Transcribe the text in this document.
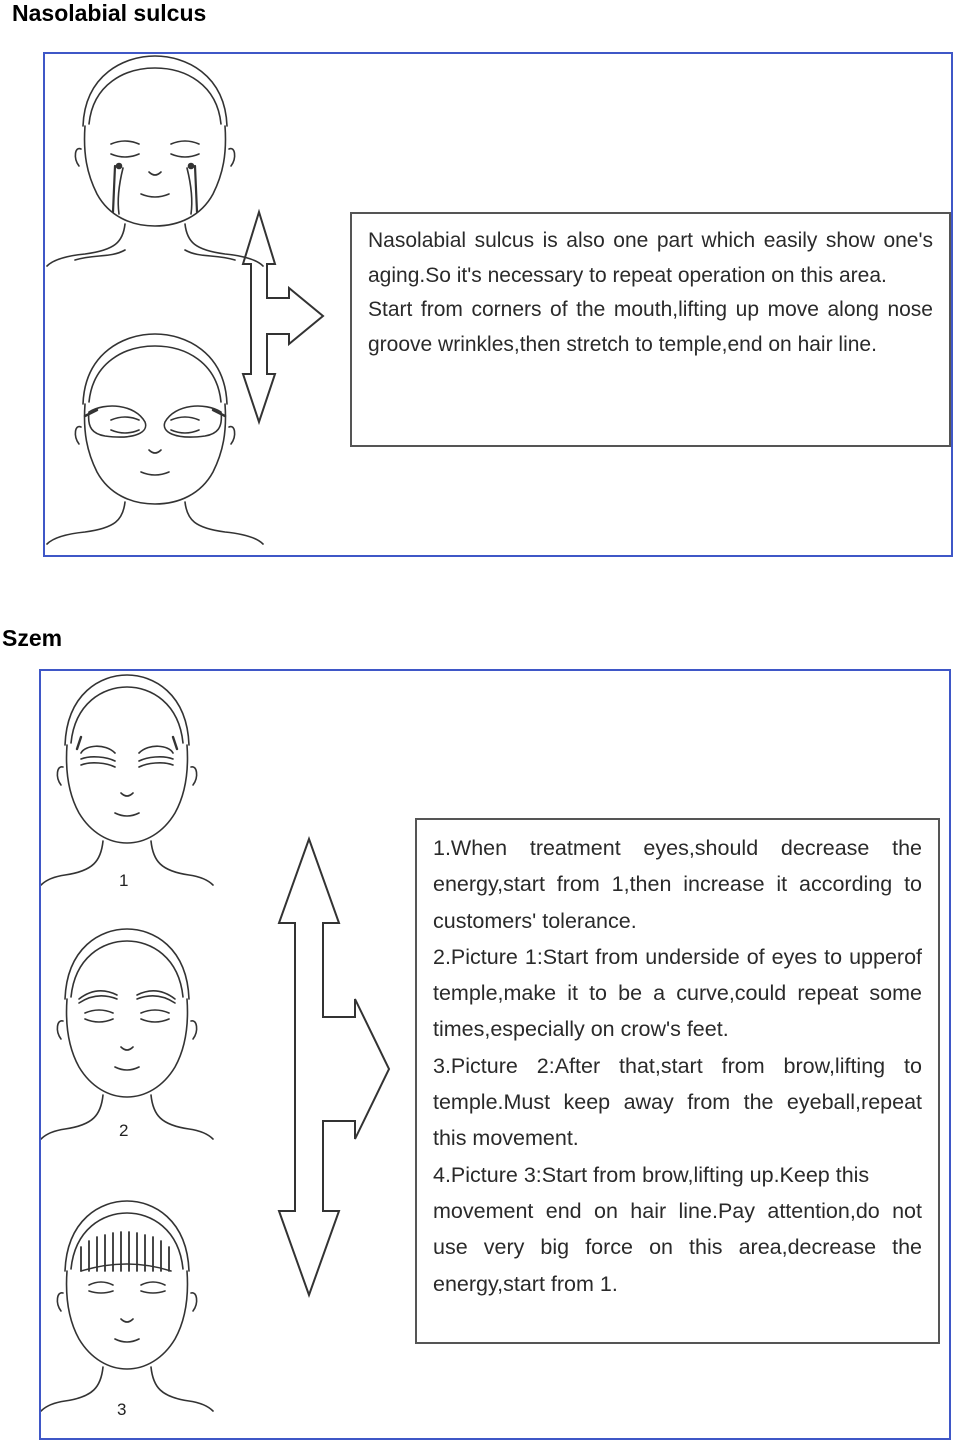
Nasolabial sulcus

Nasolabial sulcus is also one part which easily show one's aging.So it's necessary to repeat operation on this area.

Start from corners of the mouth,lifting up move along nose groove wrinkles,then stretch to temple,end on hair line.

Szem
1
2
3

1.When treatment eyes,should decrease the energy,start from 1,then increase it according to customers' tolerance.

2.Picture 1:Start from underside of eyes to upperof temple,make it to be a curve,could repeat some times,especially on crow's feet.

3.Picture 2:After that,start from brow,lifting to temple.Must keep away from the eyeball,repeat this movement.

4.Picture 3:Start from brow,lifting up.Keep this

movement end on hair line.Pay attention,do not use very big force on this area,decrease the energy,start from 1.
